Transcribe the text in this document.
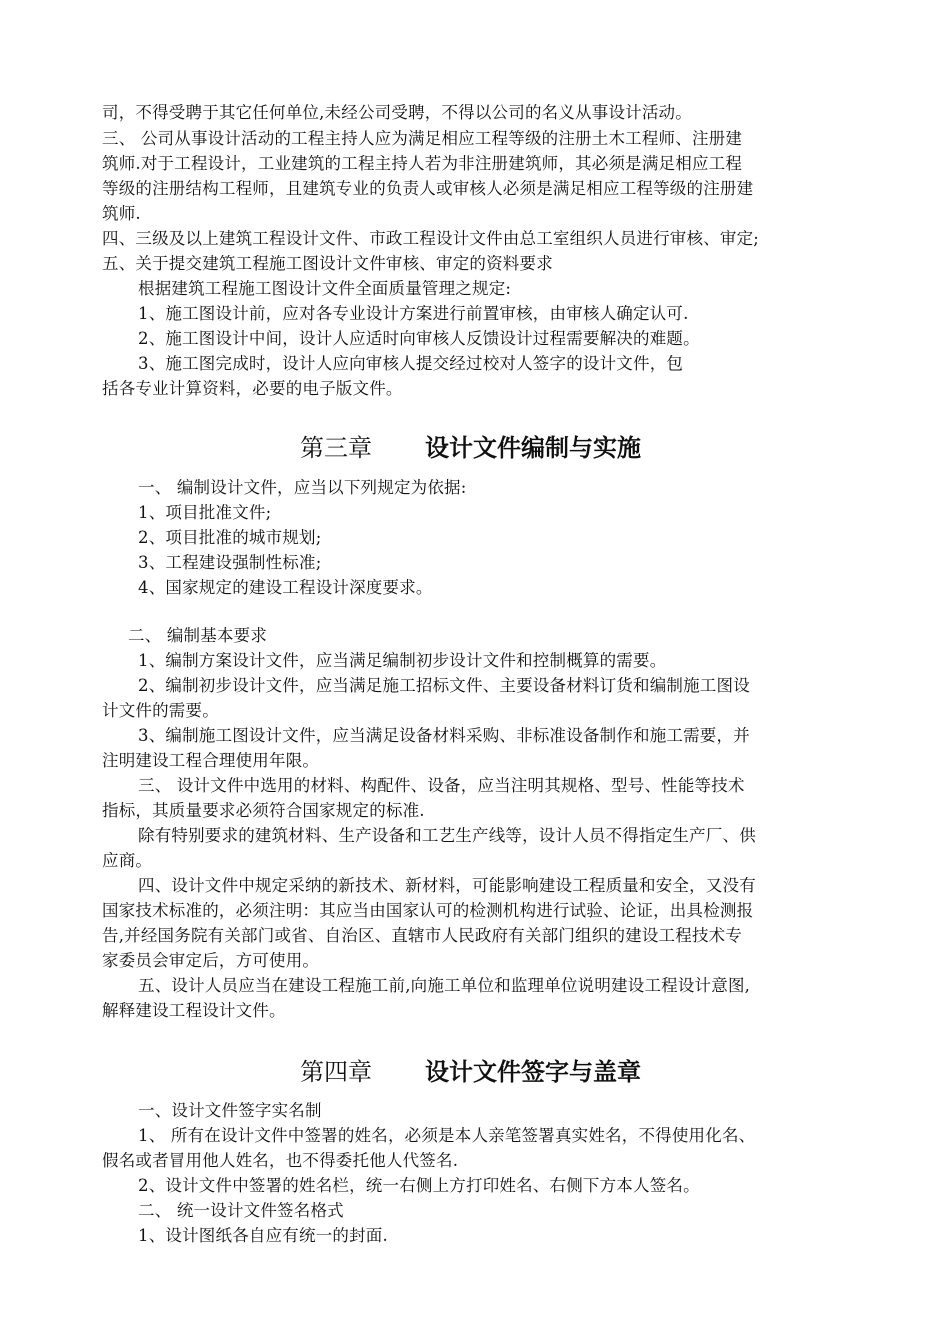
司，不得受聘于其它任何单位,未经公司受聘，不得以公司的名义从事设计活动。
三、 公司从事设计活动的工程主持人应为满足相应工程等级的注册土木工程师、注册建
筑师.对于工程设计，工业建筑的工程主持人若为非注册建筑师，其必须是满足相应工程
等级的注册结构工程师，且建筑专业的负责人或审核人必须是满足相应工程等级的注册建
筑师.
四、三级及以上建筑工程设计文件、市政工程设计文件由总工室组织人员进行审核、审定;
五、关于提交建筑工程施工图设计文件审核、审定的资料要求
根据建筑工程施工图设计文件全面质量管理之规定:
1、施工图设计前，应对各专业设计方案进行前置审核，由审核人确定认可.
2、施工图设计中间，设计人应适时向审核人反馈设计过程需要解决的难题。
3、施工图完成时，设计人应向审核人提交经过校对人签字的设计文件，包
括各专业计算资料，必要的电子版文件。
第三章 设计文件编制与实施
一、 编制设计文件，应当以下列规定为依据:
1、项目批准文件;
2、项目批准的城市规划;
3、工程建设强制性标准;
4、国家规定的建设工程设计深度要求。
二、 编制基本要求
1、编制方案设计文件，应当满足编制初步设计文件和控制概算的需要。
2、编制初步设计文件，应当满足施工招标文件、主要设备材料订货和编制施工图设
计文件的需要。
3、编制施工图设计文件，应当满足设备材料采购、非标准设备制作和施工需要，并
注明建设工程合理使用年限。
三、 设计文件中选用的材料、构配件、设备，应当注明其规格、型号、性能等技术
指标，其质量要求必须符合国家规定的标准.
除有特别要求的建筑材料、生产设备和工艺生产线等，设计人员不得指定生产厂、供
应商。
四、设计文件中规定采纳的新技术、新材料，可能影响建设工程质量和安全，又没有
国家技术标准的，必须注明：其应当由国家认可的检测机构进行试验、论证，出具检测报
告,并经国务院有关部门或省、自治区、直辖市人民政府有关部门组织的建设工程技术专
家委员会审定后，方可使用。
五、设计人员应当在建设工程施工前,向施工单位和监理单位说明建设工程设计意图,
解释建设工程设计文件。
第四章 设计文件签字与盖章
一、设计文件签字实名制
1、 所有在设计文件中签署的姓名，必须是本人亲笔签署真实姓名，不得使用化名、
假名或者冒用他人姓名，也不得委托他人代签名.
2、设计文件中签署的姓名栏，统一右侧上方打印姓名、右侧下方本人签名。
二、 统一设计文件签名格式
1、设计图纸各自应有统一的封面.
